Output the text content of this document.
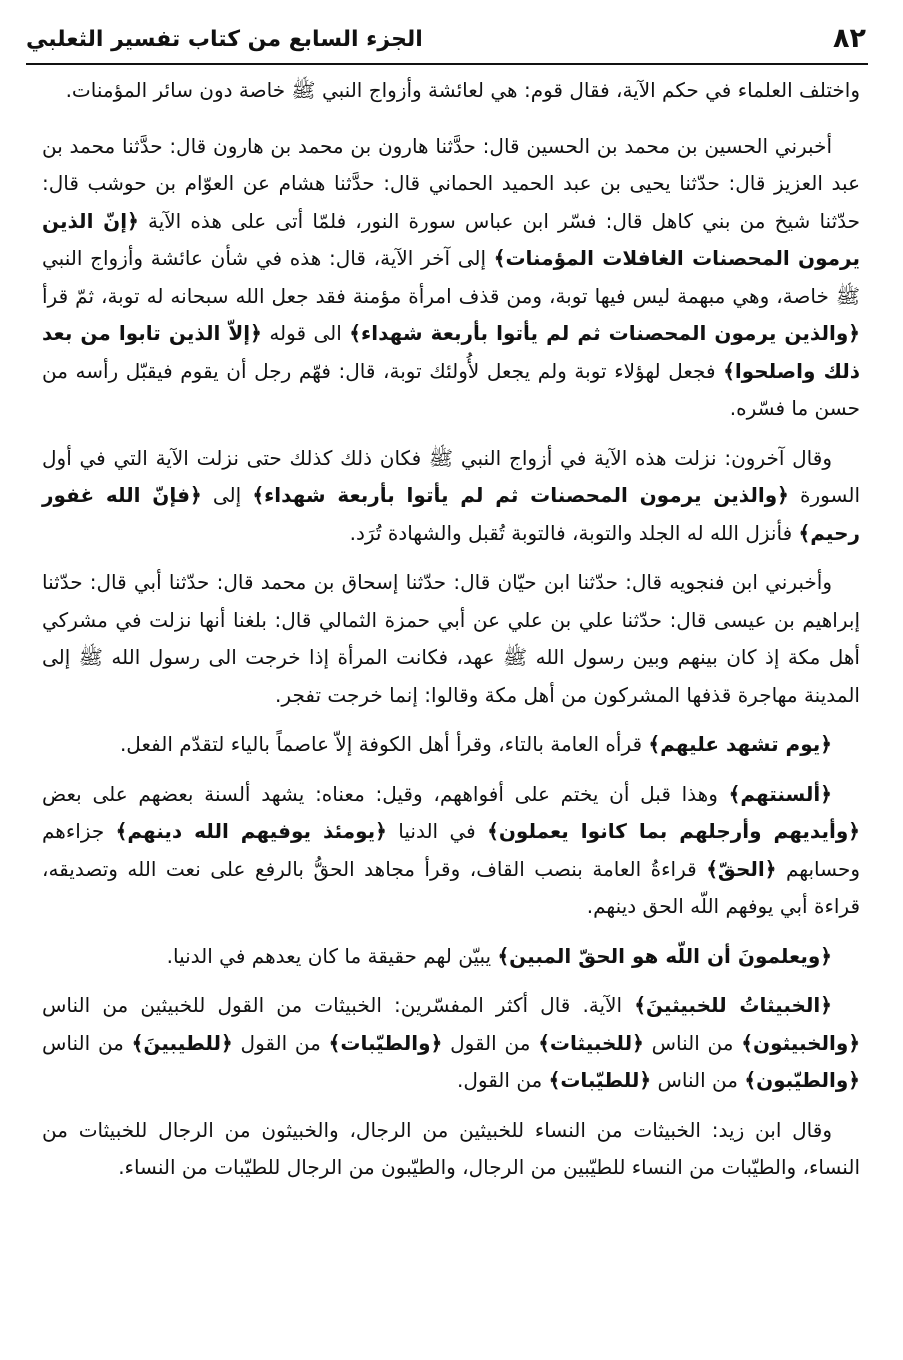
٨٢
الجزء السابع من كتاب تفسير الثعلبي

واختلف العلماء في حكم الآية، فقال قوم: هي لعائشة وأزواج النبي ﷺ خاصة دون سائر المؤمنات.

أخبرني الحسين بن محمد بن الحسين قال: حدَّثنا هارون بن محمد بن هارون قال: حدَّثنا محمد بن عبد العزيز قال: حدّثنا يحيى بن عبد الحميد الحماني قال: حدَّثنا هشام عن العوّام بن حوشب قال: حدّثنا شيخ من بني كاهل قال: فسّر ابن عباس سورة النور، فلمّا أتى على هذه الآية ﴿إنّ الذين يرمون المحصنات الغافلات المؤمنات﴾ إلى آخر الآية، قال: هذه في شأن عائشة وأزواج النبي ﷺ خاصة، وهي مبهمة ليس فيها توبة، ومن قذف امرأة مؤمنة فقد جعل الله سبحانه له توبة، ثمّ قرأ ﴿والذين يرمون المحصنات ثم لم يأتوا بأربعة شهداء﴾ الى قوله ﴿إلاّ الذين تابوا من بعد ذلك واصلحوا﴾ فجعل لهؤلاء توبة ولم يجعل لأُولئك توبة، قال: فهّم رجل أن يقوم فيقبّل رأسه من حسن ما فسّره.

وقال آخرون: نزلت هذه الآية في أزواج النبي ﷺ فكان ذلك كذلك حتى نزلت الآية التي في أول السورة ﴿والذين يرمون المحصنات ثم لم يأتوا بأربعة شهداء﴾ إلى ﴿فإنّ الله غفور رحيم﴾ فأنزل الله له الجلد والتوبة، فالتوبة تُقبل والشهادة تُرَد.

وأخبرني ابن فنجويه قال: حدّثنا ابن حيّان قال: حدّثنا إسحاق بن محمد قال: حدّثنا أبي قال: حدّثنا إبراهيم بن عيسى قال: حدّثنا علي بن علي عن أبي حمزة الثمالي قال: بلغنا أنها نزلت في مشركي أهل مكة إذ كان بينهم وبين رسول الله ﷺ عهد، فكانت المرأة إذا خرجت الى رسول الله ﷺ إلى المدينة مهاجرة قذفها المشركون من أهل مكة وقالوا: إنما خرجت تفجر.

﴿يوم تشهد عليهم﴾ قرأه العامة بالتاء، وقرأ أهل الكوفة إلاّ عاصماً بالياء لتقدّم الفعل.

﴿ألسنتهم﴾ وهذا قبل أن يختم على أفواههم، وقيل: معناه: يشهد ألسنة بعضهم على بعض ﴿وأيديهم وأرجلهم بما كانوا يعملون﴾ في الدنيا ﴿يومئذ يوفيهم الله دينهم﴾ جزاءهم وحسابهم ﴿الحقّ﴾ قراءةُ العامة بنصب القاف، وقرأ مجاهد الحقُّ بالرفع على نعت الله وتصديقه، قراءة أبي يوفهم اللّه الحق دينهم.

﴿ويعلمونَ أن اللّه هو الحقّ المبين﴾ يبيّن لهم حقيقة ما كان يعدهم في الدنيا.

﴿الخبيثاتُ للخبيثينَ﴾ الآية. قال أكثر المفسّرين: الخبيثات من القول للخبيثين من الناس ﴿والخبيثون﴾ من الناس ﴿للخبيثات﴾ من القول ﴿والطيّبات﴾ من القول ﴿للطيبينَ﴾ من الناس ﴿والطيّبون﴾ من الناس ﴿للطيّبات﴾ من القول.

وقال ابن زيد: الخبيثات من النساء للخبيثين من الرجال، والخبيثون من الرجال للخبيثات من النساء، والطيّبات من النساء للطيّبين من الرجال، والطيّبون من الرجال للطيّبات من النساء.
